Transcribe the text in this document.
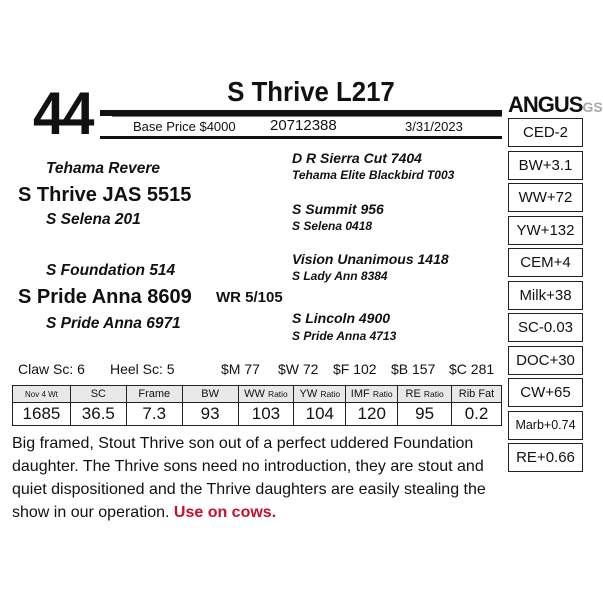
44	S Thrive L217
Base Price $4000 20712388	3/31/2023
ANGUSGS
CED-2
BW+3.1
WW+72
YW+132
CEM+4
Milk+38
SC-0.03
DOC+30
CW+65
Marb+0.74
RE+0.66
Tehama Revere
S Thrive JAS 5515
S Selena 201
S Foundation 514
S Pride Anna 8609
S Pride Anna 6971
WR 5/105
D R Sierra Cut 7404
Tehama Elite Blackbird T003
S Summit 956
S Selena 0418
Vision Unanimous 1418
S Lady Ann 8384
S Lincoln 4900
S Pride Anna 4713
Claw Sc: 6 Heel Sc: 5	$M 77 $W 72 $F 102 $B 157 $C 281
Nov 4 Wt	SC	Frame	BW	WW Ratio	YW Ratio	IMF Ratio	RE Ratio	Rib Fat
1685	36.5	7.3	93	103	104	120	95	0.2
Big framed, Stout Thrive son out of a perfect uddered Foundation daughter. The Thrive sons need no introduction, they are stout and quiet dispositioned and the Thrive daughters are easily stealing the show in our operation. Use on cows.
